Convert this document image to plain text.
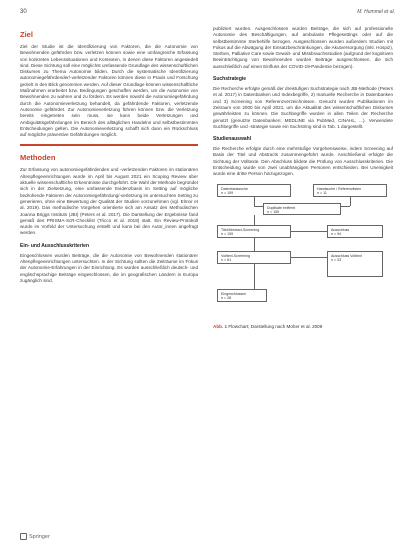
30	M. Hummel et al.
Ziel

Ziel der Studie ist die Identifizierung von Faktoren, die die Autonomie von Bewohnenden gefährden bzw. verletzen können sowie eine umfangreiche Erfassung von konkreten Lebenssituationen und Kontexten, in denen diese Faktoren angesiedelt sind. Diese Sichtung soll eine möglichst umfassende Grundlage des wissenschaftlichen Diskurses zu Thema Autonomie bilden. Durch die systematische Identifizierung autonomiegefährdender/-verletzender Faktoren können diese in Praxis und Forschung gezielt in den Blick genommen werden. Auf dieser Grundlage können wissenschaftliche Maßnahmen erarbeitet bzw. Bedingungen geschaffen werden, um die Autonomie von Bewohnenden zu wahren und zu fördern. Es werden sowohl die Autonomiegefährdung durch die Autonomieverletzung behandelt, da gefährdende Faktoren, verletzende Autonomie gefährdet. Zur Autonomieverletzung führen können bzw. die Verletzung bereits eingetreten sein muss, sie kann beide Verletzungen und Ambiguitätsgefährdungen im Bereich des alltäglichen Handelns und selbstbestimmten Entscheidungen gelten. Die Autonomieverletzung schafft sich dann ein Rückschluss auf mögliche präventive Gefährdungen möglich.

Methoden

Zur Erfassung von autonomiegefährdenden und -verletzenden Faktoren im stationären Altenpflegeeinrichtungen wurde im April bis August 2021 ein Scoping Review über aktuelle wissenschaftliche Erkenntnisse durchgeführt. Die Wahl der Methode begründet sich in der Zielsetzung, eine umfassende Evidenzbasis im Setting auf mögliche bedrohende Faktoren der Autonomiegefährdung/-verletzung im untersuchten Setting zu generieren, ohne eine Bewertung der Qualität der Studien vorzunehmen (vgl. Elmor et al. 2019). Das methodische Vorgehen orientierte sich am Ansatz des Methodischen Joanna Briggs Instituts (JBI) (Peters et al. 2017). Die Darstellung der Ergebnisse fand gemäß des PRISMA-ScR-Checklist (Tricco et al. 2018) statt. Ein Review-Protokoll wurde im Vorfeld der Untersuchung erstellt und kann bei den Autor_innen angefragt werden.

Ein- und Ausschlusskriterien

Eingeschlossen wurden Beiträge, die die Autonomie von Bewohnenden stationärer Altenpflegeeinrichtungen untersuchten. In der Sichtung sollten die Zeiträume im Fokus der Autonomie-Erfahrungen in der Einrichtung. Es wurden ausschließlich deutsch- und englischsprachige Beiträge eingeschlossen, die im geografischen Ländern in Europa zugänglich sind.

publiziert wurden. Ausgeschlossen wurden Beiträge, die sich auf professionelle Autonomie des Beschäftigungen, auf ambulante Pflegesettings oder auf die selbstbestimmte Sterbehilfe bezogen. Ausgeschlossen wurden außerdem Studien mit Fokus auf die Abwägung der Einsatzbeschränkungen, die Akutversorgung (inkl. Hospiz), Sterben, Palliative Care sowie Gewalt- und Missbrauchsstudien (aufgrund der kognitiven Beeinträchtigung von Bewohnenden wurden Beiträge ausgeschlossen, die sich ausschließlich auf einen Einfluss der COVID-19-Pandemie bezogen).

Suchstrategie

Die Recherche erfolgte gemäß der dreistufigen Suchstrategie nach JBI-Methode (Peters et al. 2017) in Datenbanken und Indexbegriffe, 2) manuelle Recherche in Datenbanken und 3) Screening von Referenzverzeichnissen. Gesucht wurden Publikationen im Zeitraum von 2000 bis April 2021, um die Aktualität des wissenschaftlichen Diskurses gewährleisten zu können. Die Suchbegriffe wurden in allen Teilen der Recherche genutzt (genutzte Datenbanken: MEDLINE via PubMed, CINAHL, ...). Verwendete Suchbegriffe und -strategie sowie ein Suchstring sind in Tab. 1 dargestellt.

Studienauswahl

Die Recherche erfolgte durch eine mehrstufige Vorgehensweise, indem Screening auf Basis der Titel und Abstracts zusammengeführt wurde. Anschließend erfolgte die Sichtung der Volltexte. Den Abschluss bildete die Prüfung von Ausschlusskriterien. Die Entscheidung wurde von zwei unabhängigen Personen entschieden. Bei Uneinigkeit wurde eine dritte Person hinzugezogen.

Datenbanksuche
n = 159
Handsuche / Referenzlisten
n = 11
Duplikate entfernt
n = 155
Titel/Abstract-Screening
n = 155
Ausschluss
n = 94
Volltext-Screening
n = 61
Ausschluss Volltext
n = 33
Eingeschlossen
n = 28
Abb. 1 Flowchart; Darstellung nach Moher et al. 2009
Springer
